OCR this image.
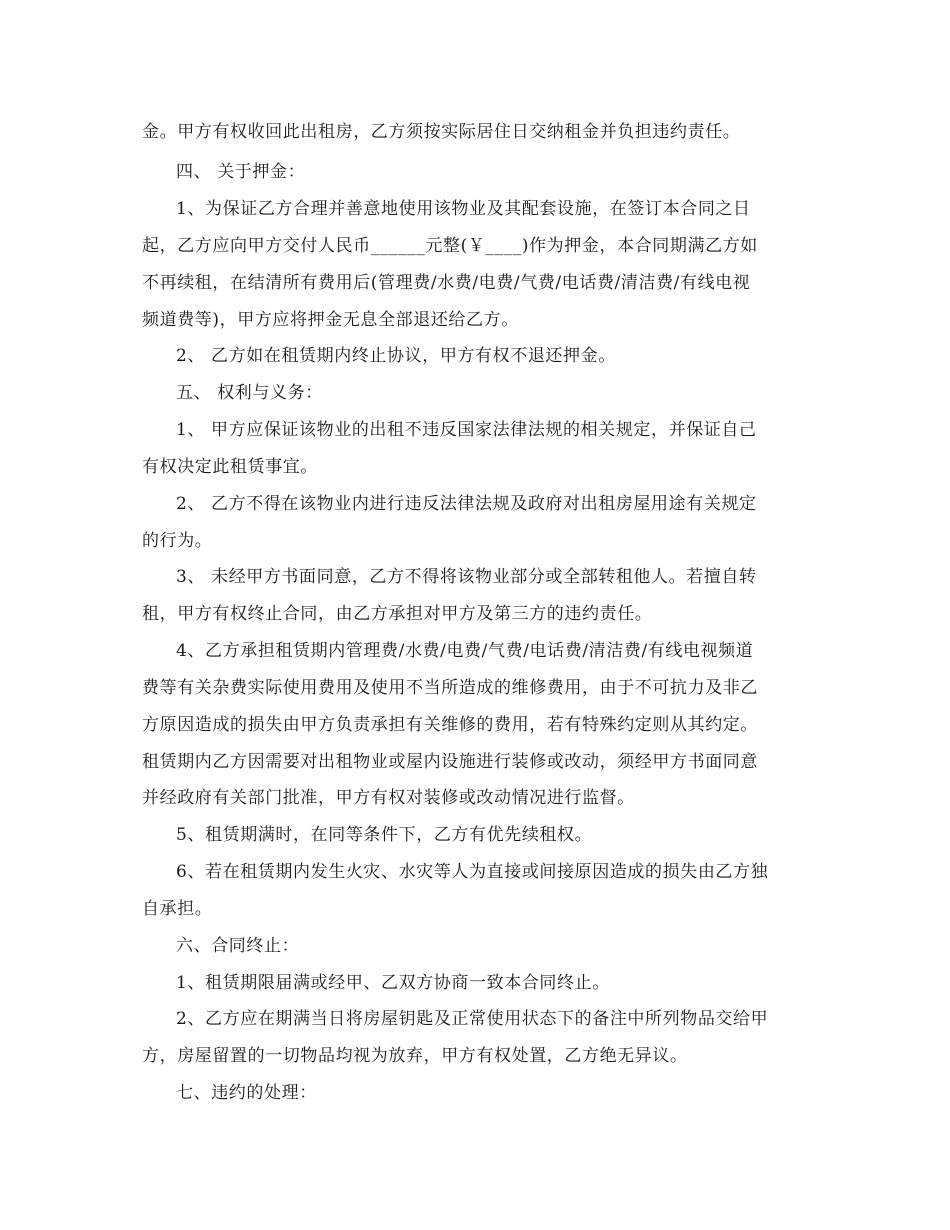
金。甲方有权收回此出租房，乙方须按实际居住日交纳租金并负担违约责任。
四、 关于押金：
1、为保证乙方合理并善意地使用该物业及其配套设施，在签订本合同之日
起，乙方应向甲方交付人民币______元整(￥____)作为押金，本合同期满乙方如
不再续租，在结清所有费用后(管理费/水费/电费/气费/电话费/清洁费/有线电视
频道费等)，甲方应将押金无息全部退还给乙方。
2、 乙方如在租赁期内终止协议，甲方有权不退还押金。
五、 权利与义务：
1、 甲方应保证该物业的出租不违反国家法律法规的相关规定，并保证自己
有权决定此租赁事宜。
2、 乙方不得在该物业内进行违反法律法规及政府对出租房屋用途有关规定
的行为。
3、 未经甲方书面同意，乙方不得将该物业部分或全部转租他人。若擅自转
租，甲方有权终止合同，由乙方承担对甲方及第三方的违约责任。
4、乙方承担租赁期内管理费/水费/电费/气费/电话费/清洁费/有线电视频道
费等有关杂费实际使用费用及使用不当所造成的维修费用，由于不可抗力及非乙
方原因造成的损失由甲方负责承担有关维修的费用，若有特殊约定则从其约定。
租赁期内乙方因需要对出租物业或屋内设施进行装修或改动，须经甲方书面同意
并经政府有关部门批准，甲方有权对装修或改动情况进行监督。
5、租赁期满时，在同等条件下，乙方有优先续租权。
6、若在租赁期内发生火灾、水灾等人为直接或间接原因造成的损失由乙方独
自承担。
六、合同终止：
1、租赁期限届满或经甲、乙双方协商一致本合同终止。
2、乙方应在期满当日将房屋钥匙及正常使用状态下的备注中所列物品交给甲
方，房屋留置的一切物品均视为放弃，甲方有权处置，乙方绝无异议。
七、违约的处理：
